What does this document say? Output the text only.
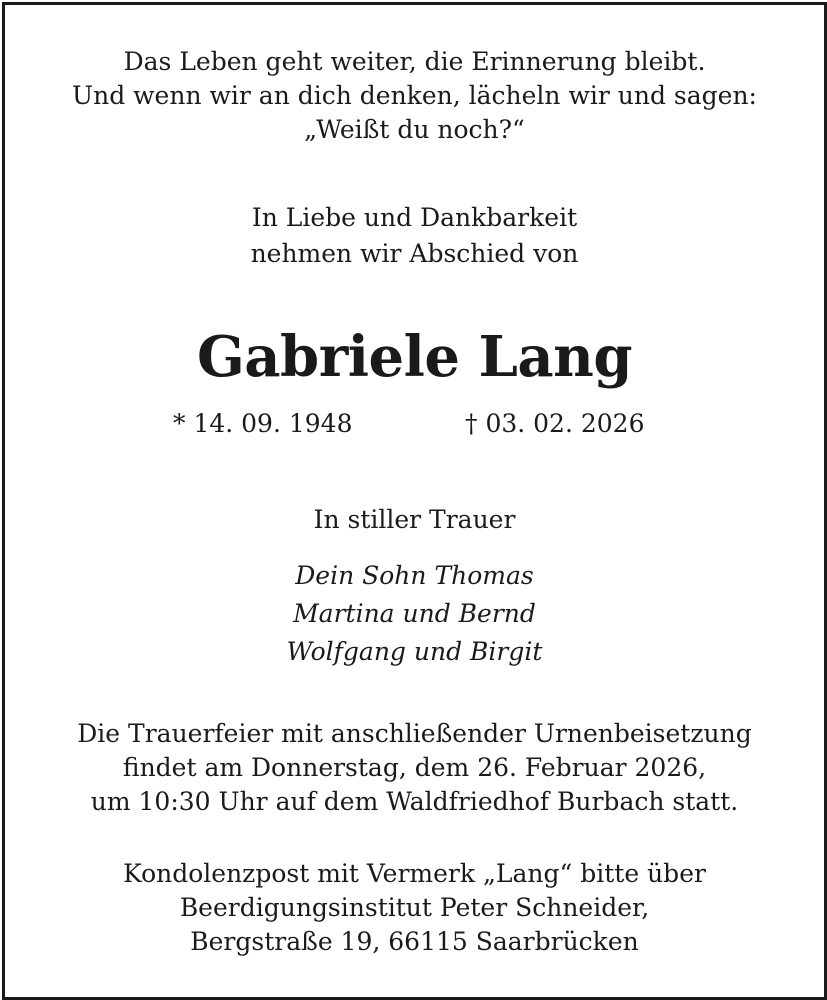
Das Leben geht weiter, die Erinnerung bleibt.
Und wenn wir an dich denken, lächeln wir und sagen:
„Weißt du noch?“
In Liebe und Dankbarkeit
nehmen wir Abschied von
Gabriele Lang
* 14. 09. 1948	† 03. 02. 2026
In stiller Trauer
Dein Sohn Thomas
Martina und Bernd
Wolfgang und Birgit
Die Trauerfeier mit anschließender Urnenbeisetzung
findet am Donnerstag, dem 26. Februar 2026,
um 10:30 Uhr auf dem Waldfriedhof Burbach statt.
Kondolenzpost mit Vermerk „Lang“ bitte über
Beerdigungsinstitut Peter Schneider,
Bergstraße 19, 66115 Saarbrücken
